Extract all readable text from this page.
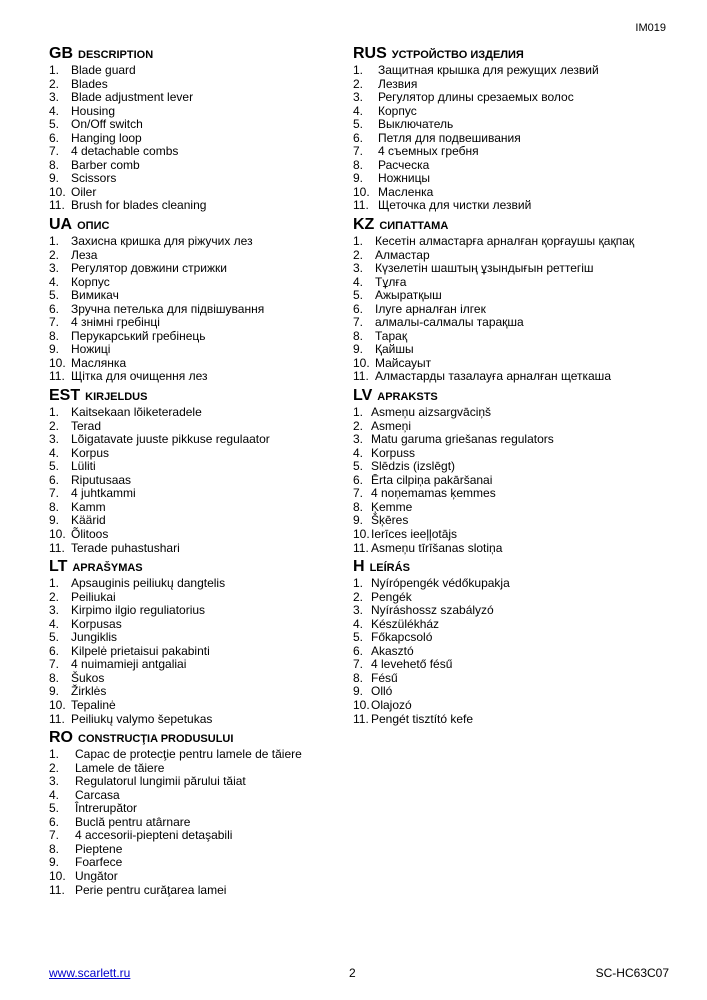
IM019
GB DESCRIPTION
1. Blade guard
2. Blades
3. Blade adjustment lever
4. Housing
5. On/Off switch
6. Hanging loop
7. 4 detachable combs
8. Barber comb
9. Scissors
10. Oiler
11. Brush for blades cleaning
UA ОПИС
1. Захисна кришка для ріжучих лез
2. Леза
3. Регулятор довжини стрижки
4. Корпус
5. Вимикач
6. Зручна петелька для підвішування
7. 4 знімні гребінці
8. Перукарський гребінець
9. Ножиці
10. Маслянка
11. Щітка для очищення лез
EST KIRJELDUS
1. Kaitsekaan lõiketeradele
2. Terad
3. Lõigatavate juuste pikkuse regulaator
4. Korpus
5. Lüliti
6. Riputusaas
7. 4 juhtkammi
8. Kamm
9. Käärid
10. Õlitoos
11. Terade puhastushari
LT APRAŠYMAS
1. Apsauginis peiliukų dangtelis
2. Peiliukai
3. Kirpimo ilgio reguliatorius
4. Korpusas
5. Jungiklis
6. Kilpelė prietaisui pakabinti
7. 4 nuimamieji antgaliai
8. Šukos
9. Žirklės
10. Tepalinė
11. Peiliukų valymo šepetukas
RO CONSTRUCŢIA PRODUSULUI
1.	Capac de protecţie pentru lamele de tăiere
2.	Lamele de tăiere
3.	Regulatorul lungimii părului tăiat
4.	Carcasa
5.	Întrerupător
6.	Buclă pentru atârnare
7.	4 accesorii-piepteni detaşabili
8.	Pieptene
9.	Foarfece
10. Ungător
11. Perie pentru curăţarea lamei
RUS УСТРОЙСТВО ИЗДЕЛИЯ
1.	Защитная крышка для режущих лезвий
2.	Лезвия
3.	Регулятор длины срезаемых волос
4.	Корпус
5.	Выключатель
6.	Петля для подвешивания
7.	4 съемных гребня
8.	Расческа
9.	Ножницы
10. Масленка
11. Щеточка для чистки лезвий
KZ СИПАТТАМА
1. Кесетін алмастарға арналған қорғаушы қақпақ
2. Алмастар
3. Күзелетін шаштың ұзындығын реттегіш
4. Тұлға
5. Ажыратқыш
6. Ілуге арналған ілгек
7. алмалы-салмалы тарақша
8. Тарақ
9. Қайшы
10. Майсауыт
11. Алмастарды тазалауға арналған щеткаша
LV APRAKSTS
1. Asmeņu aizsargvāciņš
2. Asmeņi
3. Matu garuma griešanas regulators
4. Korpuss
5. Slēdzis (izslēgt)
6. Ērta cilpiņa pakāršanai
7. 4 noņemamas ķemmes
8. Ķemme
9. Šķēres
10. Ierīces ieeļļotājs
11. Asmeņu tīrīšanas slotiņa
H LEÍRÁS
1. Nyírópengék védőkupakja
2. Pengék
3. Nyíráshossz szabályzó
4. Készülékház
5. Főkapcsoló
6. Akasztó
7. 4 levehető fésű
8. Fésű
9. Olló
10. Olajozó
11. Pengét tisztító kefe
www.scarlett.ru	2	SC-HC63C07
